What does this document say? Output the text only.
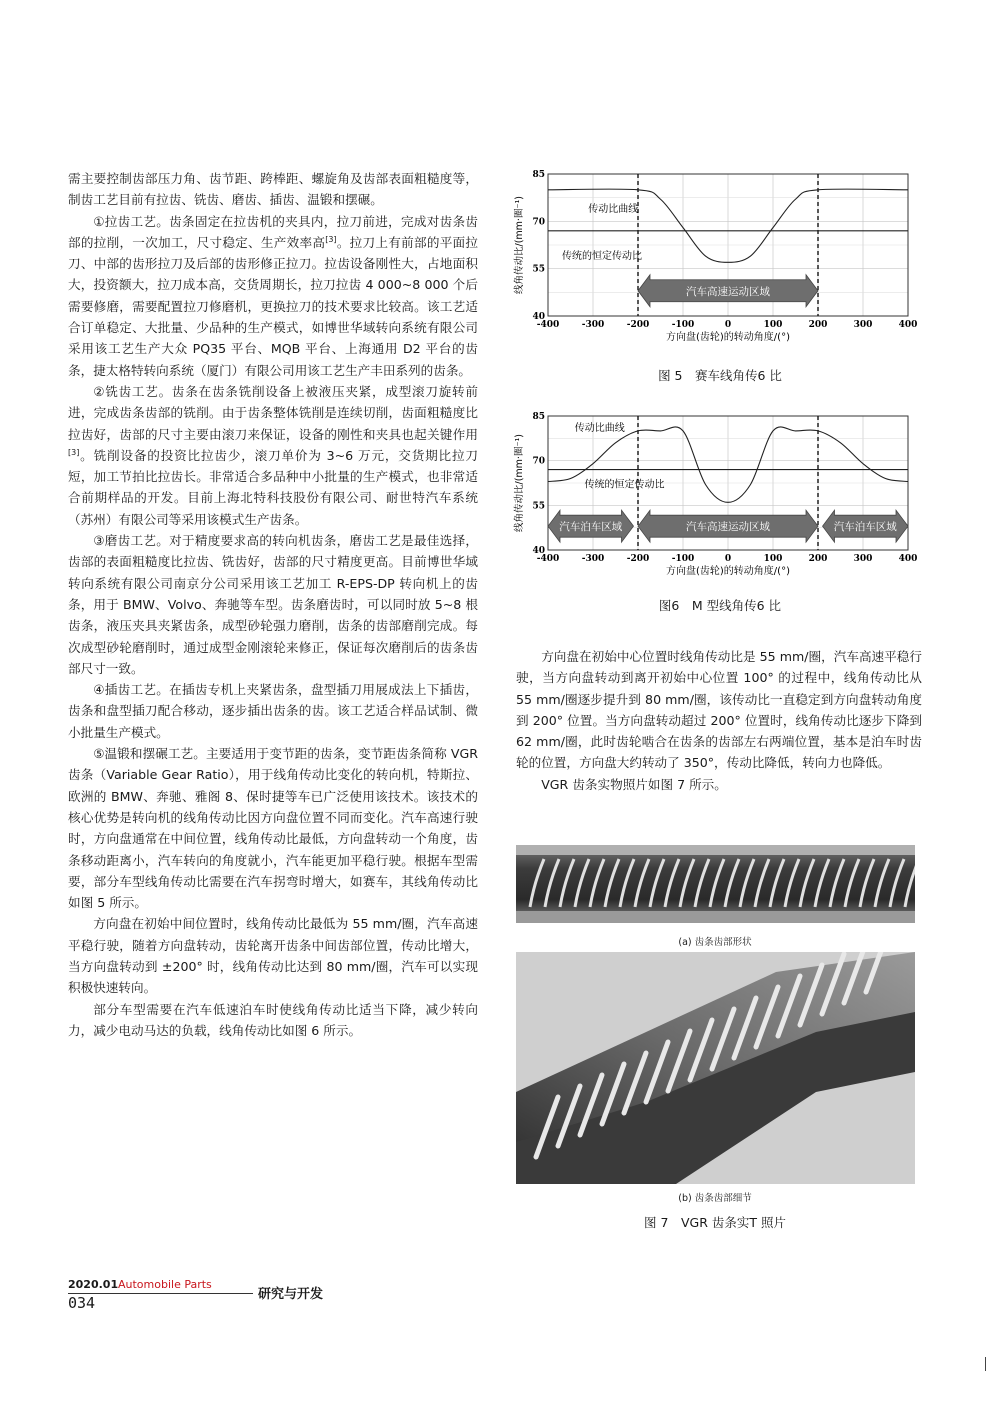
需主要控制齿部压力角、齿节距、跨棒距、螺旋角及齿部表面粗糙度等，制齿工艺目前有拉齿、铣齿、磨齿、插齿、温锻和摆碾。

①拉齿工艺。齿条固定在拉齿机的夹具内，拉刀前进，完成对齿条齿部的拉削，一次加工，尺寸稳定、生产效率高[3]。拉刀上有前部的平面拉刀、中部的齿形拉刀及后部的齿形修正拉刀。拉齿设备刚性大，占地面积大，投资额大，拉刀成本高，交货周期长，拉刀拉齿 4 000~8 000 个后需要修磨，需要配置拉刀修磨机，更换拉刀的技术要求比较高。该工艺适合订单稳定、大批量、少品种的生产模式，如博世华域转向系统有限公司采用该工艺生产大众 PQ35 平台、MQB 平台、上海通用 D2 平台的齿条，捷太格特转向系统（厦门）有限公司用该工艺生产丰田系列的齿条。

②铣齿工艺。齿条在齿条铣削设备上被液压夹紧，成型滚刀旋转前进，完成齿条齿部的铣削。由于齿条整体铣削是连续切削，齿面粗糙度比拉齿好，齿部的尺寸主要由滚刀来保证，设备的刚性和夹具也起关键作用[3]。铣削设备的投资比拉齿少，滚刀单价为 3~6 万元，交货期比拉刀短，加工节拍比拉齿长。非常适合多品种中小批量的生产模式，也非常适合前期样品的开发。目前上海北特科技股份有限公司、耐世特汽车系统（苏州）有限公司等采用该模式生产齿条。

③磨齿工艺。对于精度要求高的转向机齿条，磨齿工艺是最佳选择，齿部的表面粗糙度比拉齿、铣齿好，齿部的尺寸精度更高。目前博世华域转向系统有限公司南京分公司采用该工艺加工 R-EPS-DP 转向机上的齿条，用于 BMW、Volvo、奔驰等车型。齿条磨齿时，可以同时放 5~8 根齿条，液压夹具夹紧齿条，成型砂轮强力磨削，齿条的齿部磨削完成。每次成型砂轮磨削时，通过成型金刚滚轮来修正，保证每次磨削后的齿条齿部尺寸一致。

④插齿工艺。在插齿专机上夹紧齿条，盘型插刀用展成法上下插齿，齿条和盘型插刀配合移动，逐步插出齿条的齿。该工艺适合样品试制、微小批量生产模式。

⑤温锻和摆碾工艺。主要适用于变节距的齿条，变节距齿条简称 VGR 齿条（Variable Gear Ratio），用于线角传动比变化的转向机，特斯拉、欧洲的 BMW、奔驰、雅阁 8、保时捷等车已广泛使用该技术。该技术的核心优势是转向机的线角传动比因方向盘位置不同而变化。汽车高速行驶时，方向盘通常在中间位置，线角传动比最低，方向盘转动一个角度，齿条移动距离小，汽车转向的角度就小，汽车能更加平稳行驶。根据车型需要，部分车型线角传动比需要在汽车拐弯时增大，如赛车，其线角传动比如图 5 所示。

方向盘在初始中间位置时，线角传动比最低为 55 mm/圈，汽车高速平稳行驶，随着方向盘转动，齿轮离开齿条中间齿部位置，传动比增大，当方向盘转动到 ±200° 时，线角传动比达到 80 mm/圈，汽车可以实现积极快速转向。

部分车型需要在汽车低速泊车时使线角传动比适当下降，减少转向力，减少电动马达的负载，线角传动比如图 6 所示。

-400 -300 -200 -100	0	100	200	300	400
40
55
70
85
方向盘(齿轮)的转动角度/(°)
线角传动比/(mm·圈⁻¹)	汽车高速运动区域
传动比曲线
传统的恒定传动比
图 5　赛车线角传6 比
-400 -300 -200 -100	0	100	200	300	400
40
55
70
85
方向盘(齿轮)的转动角度/(°)
线角传动比/(mm·圈⁻¹)	汽车泊车区域	汽车高速运动区域	汽车泊车区域
传动比曲线
传统的恒定传动比
图6　M 型线角传6 比

方向盘在初始中心位置时线角传动比是 55 mm/圈，汽车高速平稳行驶，当方向盘转动到离开初始中心位置 100° 的过程中，线角传动比从 55 mm/圈逐步提升到 80 mm/圈，该传动比一直稳定到方向盘转动角度到 200° 位置。当方向盘转动超过 200° 位置时，线角传动比逐步下降到 62 mm/圈，此时齿轮啮合在齿条的齿部左右两端位置，基本是泊车时齿轮的位置，方向盘大约转动了 350°，传动比降低，转向力也降低。

VGR 齿条实物照片如图 7 所示。

(a) 齿条齿部形状
(b) 齿条齿部细节
图 7　VGR 齿条实T 照片
2020.01 Automobile Parts
034	研究与开发
